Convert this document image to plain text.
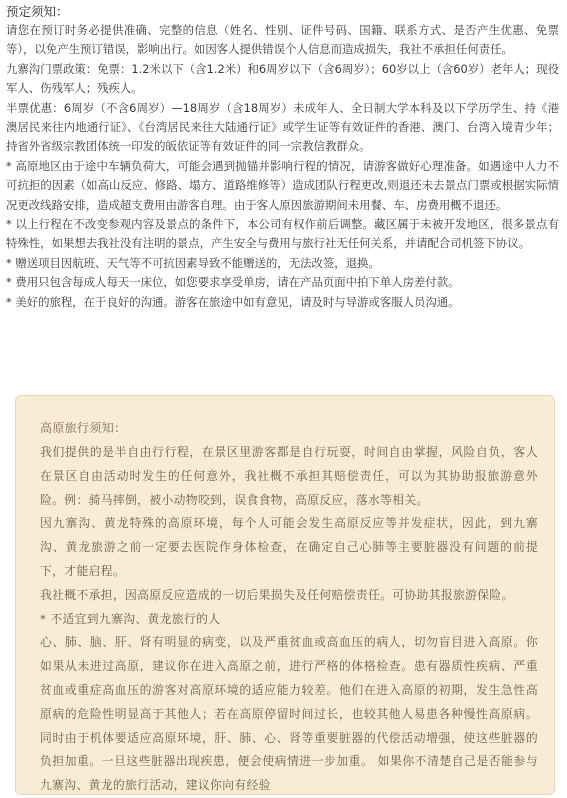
预定须知：

请您在预订时务必提供准确、完整的信息（姓名、性别、证件号码、国籍、联系方式、是否产生优惠、免票等），以免产生预订错误，影响出行。如因客人提供错误个人信息而造成损失，我社不承担任何责任。

九寨沟门票政策：免票：1.2米以下（含1.2米）和6周岁以下（含6周岁）；60岁以上（含60岁）老年人；现役军人、伤残军人；残疾人。

半票优惠：6周岁（不含6周岁）—18周岁（含18周岁）未成年人、全日制大学本科及以下学历学生、持《港澳居民来往内地通行证》、《台湾居民来往大陆通行证》或学生证等有效证件的香港、澳门、台湾入境青少年；持省外省级宗教团体统一印发的皈依证等有效证件的同一宗教信教群众。

* 高原地区由于途中车辆负荷大，可能会遇到抛锚并影响行程的情况，请游客做好心理准备。如遇途中人力不可抗拒的因素（如高山反应、修路、塌方、道路维修等）造成团队行程更改,则退还未去景点门票或根据实际情况更改线路安排，造成超支费用由游客自理。由于客人原因旅游期间未用餐、车、房费用概不退还。

* 以上行程在不改变参观内容及景点的条件下，本公司有权作前后调整。藏区属于未被开发地区，很多景点有特殊性，如果想去我社没有注明的景点，产生安全与费用与旅行社无任何关系，并请配合司机签下协议。

* 赠送项目因航班、天气等不可抗因素导致不能赠送的，无法改签，退换。

* 费用只包含每成人每天一床位，如您要求享受单房，请在产品页面中拍下单人房差付款。

* 美好的旅程，在于良好的沟通。游客在旅途中如有意见，请及时与导游或客服人员沟通。

高原旅行须知：

我们提供的是半自由行行程，在景区里游客都是自行玩耍，时间自由掌握，风险自负，客人在景区自由活动时发生的任何意外，我社概不承担其赔偿责任，可以为其协助报旅游意外险。例：骑马摔倒，被小动物咬到，误食食物，高原反应，落水等相关。

因九寨沟、黄龙特殊的高原环境，每个人可能会发生高原反应等并发症状，因此，到九寨沟、黄龙旅游之前一定要去医院作身体检查，在确定自己心肺等主要脏器没有问题的前提下，才能启程。

我社概不承担，因高原反应造成的一切后果损失及任何赔偿责任。可协助其报旅游保险。

* 不适宜到九寨沟、黄龙旅行的人

心、肺、脑、肝、肾有明显的病变，以及严重贫血或高血压的病人，切勿盲目进入高原。你如果从未进过高原，建议你在进入高原之前，进行严格的体格检查。患有器质性疾病、严重贫血或重症高血压的游客对高原环境的适应能力较差。他们在进入高原的初期，发生急性高原病的危险性明显高于其他人；若在高原停留时间过长，也较其他人易患各种慢性高原病。同时由于机体要适应高原环境，肝、肺、心、肾等重要脏器的代偿活动增强，使这些脏器的负担加重。一旦这些脏器出现疾患，便会使病情进一步加重。 如果你不清楚自己是否能参与九寨沟、黄龙的旅行活动，建议你向有经验
